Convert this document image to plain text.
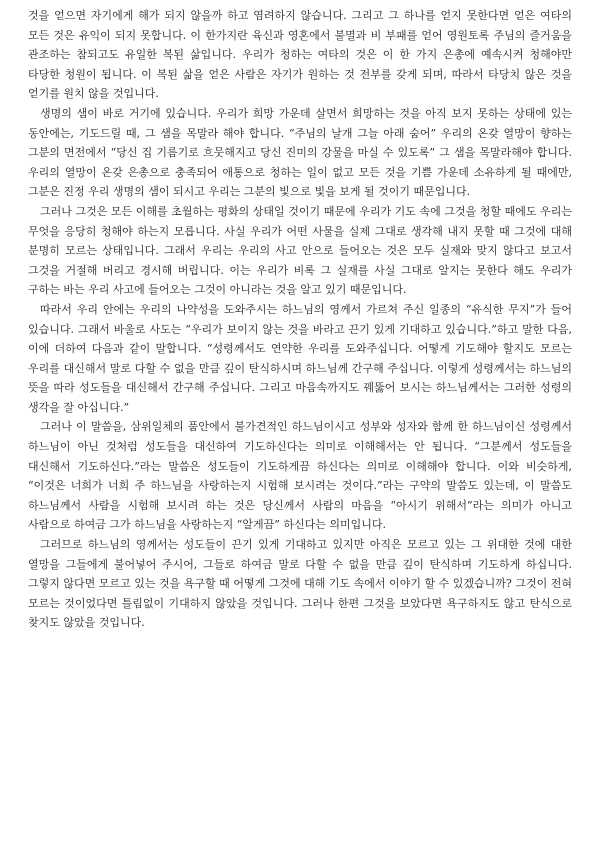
것을 얻으면 자기에게 해가 되지 않을까 하고 염려하지 않습니다. 그리고 그 하나를 얻지 못한다면 얻은 여타의 모든 것은 유익이 되지 못합니다. 이 한가지란 육신과 영혼에서 불멸과 비 부패를 얻어 영원토록 주님의 즐거움을 관조하는 참되고도 유일한 복된 삶입니다. 우리가 청하는 여타의 것은 이 한 가지 은총에 예속시켜 청해야만 타당한 청원이 됩니다. 이 복된 삶을 얻은 사람은 자기가 원하는 것 전부를 갖게 되며, 따라서 타당치 않은 것을 얻기를 원치 않을 것입니다.

생명의 샘이 바로 거기에 있습니다. 우리가 희망 가운데 살면서 희망하는 것을 아직 보지 못하는 상태에 있는 동안에는, 기도드릴 때, 그 샘을 목말라 해야 합니다. “주님의 날개 그늘 아래 숨어” 우리의 온갖 열망이 향하는 그분의 면전에서 “당신 집 기름기로 흐뭇해지고 당신 진미의 강물을 마실 수 있도록” 그 샘을 목말라해야 합니다. 우리의 열망이 온갖 은총으로 충족되어 애통으로 청하는 일이 없고 모든 것을 기쁨 가운데 소유하게 될 때에만, 그분은 진정 우리 생명의 샘이 되시고 우리는 그분의 빛으로 빛을 보게 될 것이기 때문입니다.

그러나 그것은 모든 이해를 초월하는 평화의 상태일 것이기 때문에 우리가 기도 속에 그것을 청할 때에도 우리는 무엇을 응당히 청해야 하는지 모릅니다. 사실 우리가 어떤 사물을 실제 그대로 생각해 내지 못할 때 그것에 대해 분명히 모르는 상태입니다. 그래서 우리는 우리의 사고 안으로 들어오는 것은 모두 실재와 맞지 않다고 보고서 그것을 거절해 버리고 경시해 버립니다. 이는 우리가 비록 그 실재를 사실 그대로 알지는 못한다 해도 우리가 구하는 바는 우리 사고에 들어오는 그것이 아니라는 것을 알고 있기 때문입니다.

따라서 우리 안에는 우리의 나약성을 도와주시는 하느님의 영께서 가르쳐 주신 일종의 “유식한 무지”가 들어 있습니다. 그래서 바울로 사도는 “우리가 보이지 않는 것을 바라고 끈기 있게 기대하고 있습니다.”하고 말한 다음, 이에 더하여 다음과 같이 말합니다. “성령께서도 연약한 우리를 도와주십니다. 어떻게 기도해야 할지도 모르는 우리를 대신해서 말로 다할 수 없을 만큼 깊이 탄식하시며 하느님께 간구해 주십니다. 이렇게 성령께서는 하느님의 뜻을 따라 성도들을 대신해서 간구해 주십니다. 그리고 마음속까지도 꿰뚫어 보시는 하느님께서는 그러한 성령의 생각을 잘 아십니다.”

그러나 이 말씀을, 삼위일체의 품안에서 불가견적인 하느님이시고 성부와 성자와 함께 한 하느님이신 성령께서 하느님이 아닌 것처럼 성도들을 대신하여 기도하신다는 의미로 이해해서는 안 됩니다. “그분께서 성도들을 대신해서 기도하신다.”라는 말씀은 성도들이 기도하게끔 하신다는 의미로 이해해야 합니다. 이와 비슷하게, “이것은 너희가 너희 주 하느님을 사랑하는지 시험해 보시려는 것이다.”라는 구약의 말씀도 있는데, 이 말씀도 하느님께서 사람을 시험해 보시려 하는 것은 당신께서 사람의 마음을 “아시기 위해서”라는 의미가 아니고 사람으로 하여금 그가 하느님을 사랑하는지 “알게끔” 하신다는 의미입니다.

그러므로 하느님의 영께서는 성도들이 끈기 있게 기대하고 있지만 아직은 모르고 있는 그 위대한 것에 대한 열망을 그들에게 불어넣어 주시어, 그들로 하여금 말로 다할 수 없을 만큼 깊이 탄식하며 기도하게 하십니다. 그렇지 않다면 모르고 있는 것을 욕구할 때 어떻게 그것에 대해 기도 속에서 이야기 할 수 있겠습니까? 그것이 전혀 모르는 것이었다면 틀림없이 기대하지 않았을 것입니다. 그러나 한편 그것을 보았다면 욕구하지도 않고 탄식으로 찾지도 않았을 것입니다.
